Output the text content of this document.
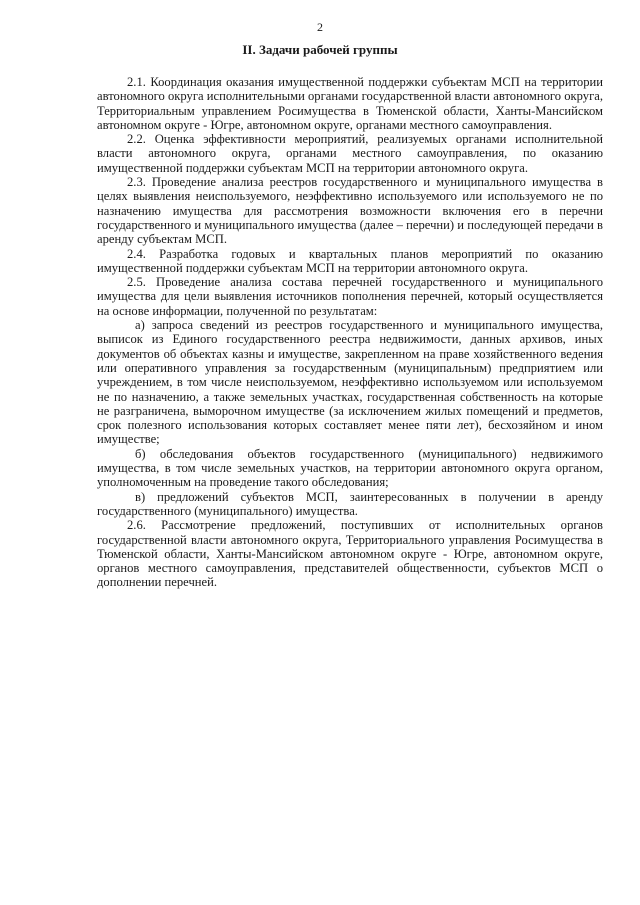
2
II. Задачи рабочей группы

2.1. Координация оказания имущественной поддержки субъектам МСП на территории автономного округа исполнительными органами государственной власти автономного округа, Территориальным управлением Росимущества в Тюменской области, Ханты-Мансийском автономном округе - Югре, автономном округе, органами местного самоуправления.

2.2. Оценка эффективности мероприятий, реализуемых органами исполнительной власти автономного округа, органами местного самоуправления, по оказанию имущественной поддержки субъектам МСП на территории автономного округа.

2.3. Проведение анализа реестров государственного и муниципального имущества в целях выявления неиспользуемого, неэффективно используемого или используемого не по назначению имущества для рассмотрения возможности включения его в перечни государственного и муниципального имущества (далее – перечни) и последующей передачи в аренду субъектам МСП.

2.4. Разработка годовых и квартальных планов мероприятий по оказанию имущественной поддержки субъектам МСП на территории автономного округа.

2.5. Проведение анализа состава перечней государственного и муниципального имущества для цели выявления источников пополнения перечней, который осуществляется на основе информации, полученной по результатам:

а) запроса сведений из реестров государственного и муниципального имущества, выписок из Единого государственного реестра недвижимости, данных архивов, иных документов об объектах казны и имуществе, закрепленном на праве хозяйственного ведения или оперативного управления за государственным (муниципальным) предприятием или учреждением, в том числе неиспользуемом, неэффективно используемом или используемом не по назначению, а также земельных участках, государственная собственность на которые не разграничена, выморочном имуществе (за исключением жилых помещений и предметов, срок полезного использования которых составляет менее пяти лет), бесхозяйном и ином имуществе;

б) обследования объектов государственного (муниципального) недвижимого имущества, в том числе земельных участков, на территории автономного округа органом, уполномоченным на проведение такого обследования;

в) предложений субъектов МСП, заинтересованных в получении в аренду государственного (муниципального) имущества.

2.6. Рассмотрение предложений, поступивших от исполнительных органов государственной власти автономного округа, Территориального управления Росимущества в Тюменской области, Ханты-Мансийском автономном округе - Югре, автономном округе, органов местного самоуправления, представителей общественности, субъектов МСП о дополнении перечней.
